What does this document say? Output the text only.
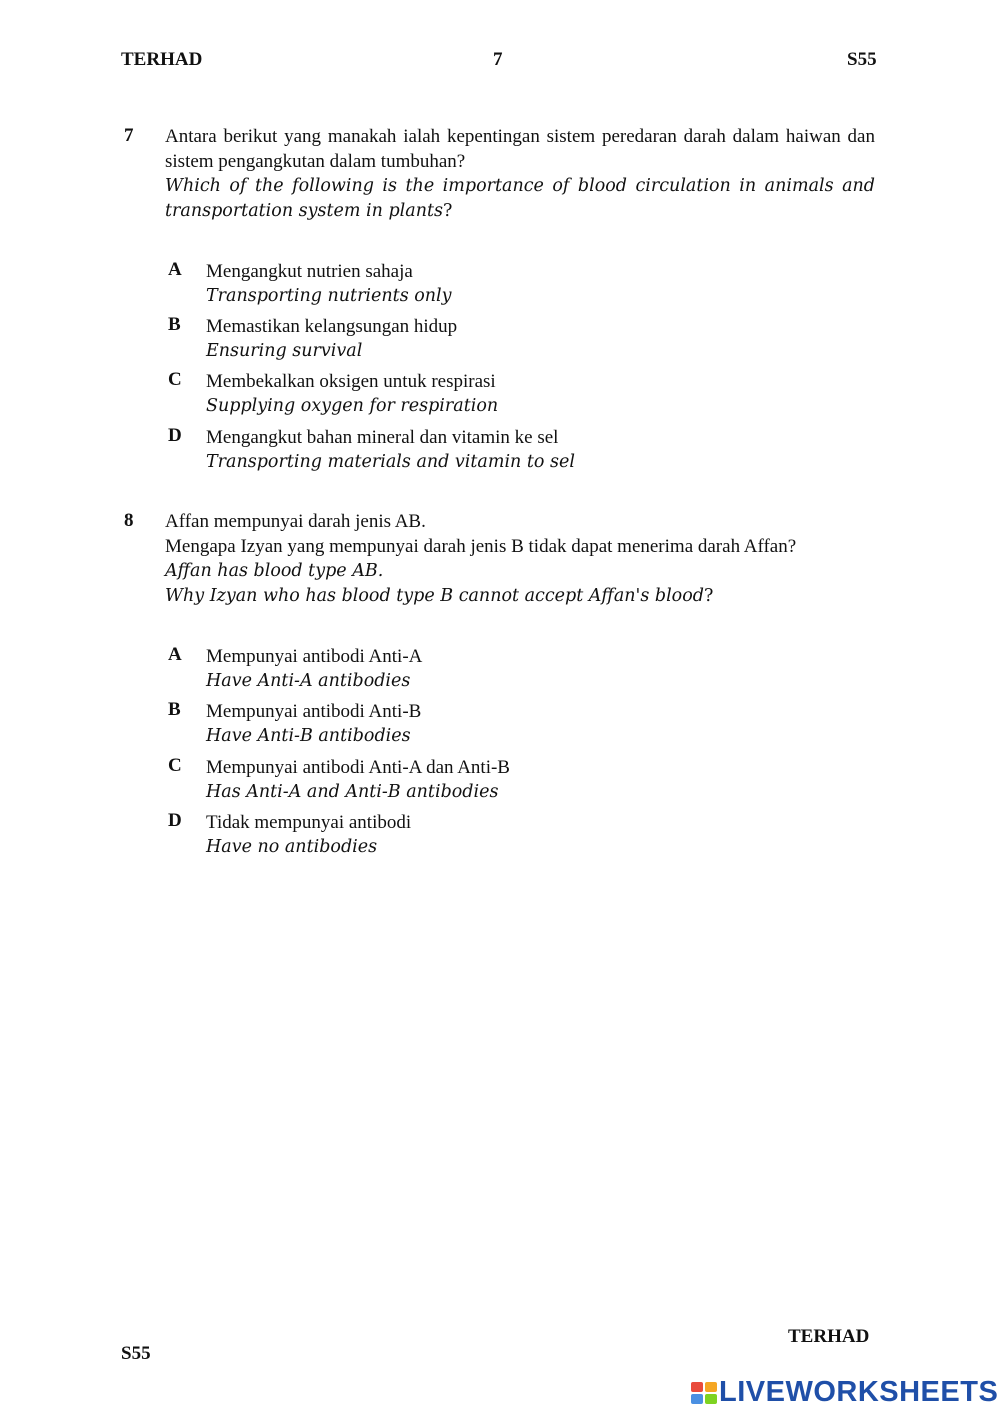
TERHAD	7	S55
7 Antara berikut yang manakah ialah kepentingan sistem peredaran darah dalam haiwan dan sistem pengangkutan dalam tumbuhan?
Which of the following is the importance of blood circulation in animals and transportation system in plants?
A Mengangkut nutrien sahaja
Transporting nutrients only
B Memastikan kelangsungan hidup
Ensuring survival
C Membekalkan oksigen untuk respirasi
Supplying oxygen for respiration
D Mengangkut bahan mineral dan vitamin ke sel
Transporting materials and vitamin to sel
8 Affan mempunyai darah jenis AB.
Mengapa Izyan yang mempunyai darah jenis B tidak dapat menerima darah Affan?
Affan has blood type AB.
Why Izyan who has blood type B cannot accept Affan's blood?
A Mempunyai antibodi Anti-A
Have Anti-A antibodies
B Mempunyai antibodi Anti-B
Have Anti-B antibodies
C Mempunyai antibodi Anti-A dan Anti-B
Has Anti-A and Anti-B antibodies
D Tidak mempunyai antibodi
Have no antibodies
TERHAD
S55
LIVEWORKSHEETS
